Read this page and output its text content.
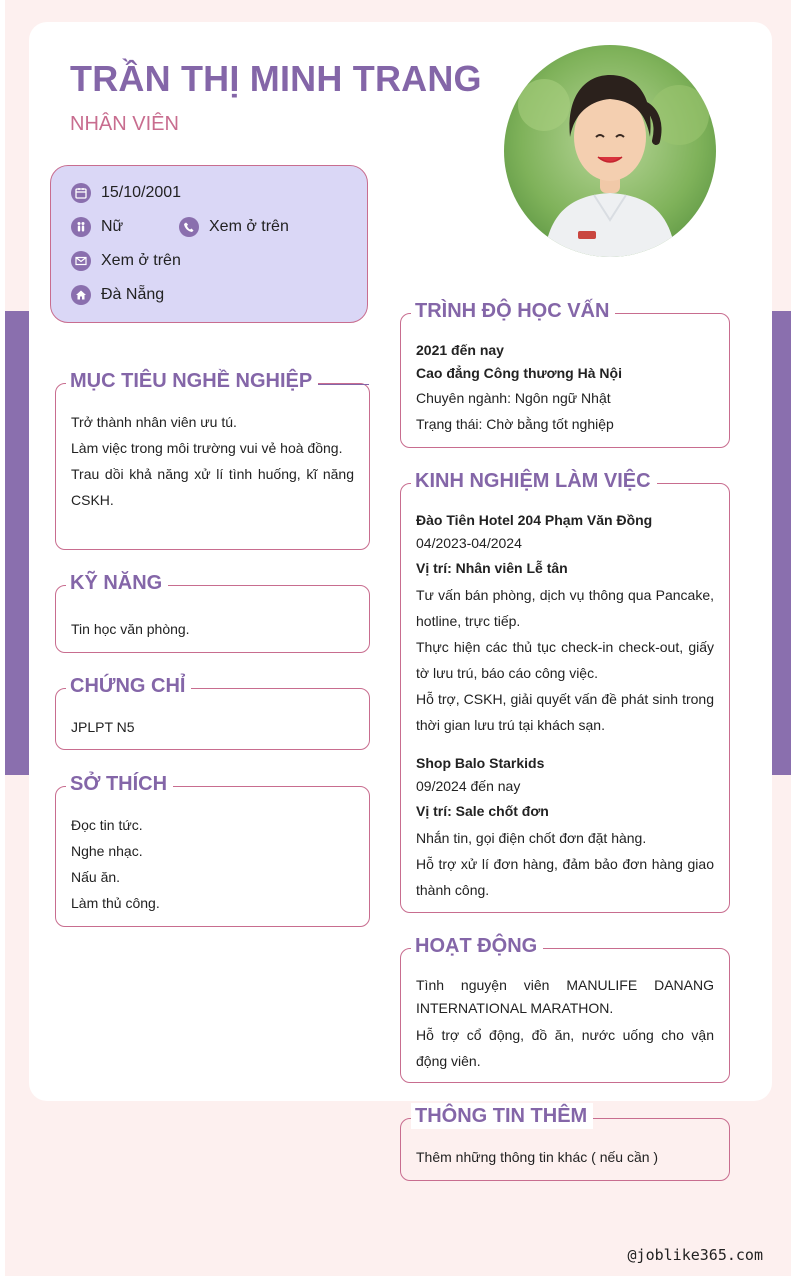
TRẦN THỊ MINH TRANG
NHÂN VIÊN
15/10/2001
Nữ	Xem ở trên
Xem ở trên
Đà Nẵng
MỤC TIÊU NGHỀ NGHIỆP

Trở thành nhân viên ưu tú.

Làm việc trong môi trường vui vẻ hoà đồng.

Trau dồi khả năng xử lí tình huống, kĩ năng CSKH.

KỸ NĂNG

Tin học văn phòng.

CHỨNG CHỈ

JPLPT N5

SỞ THÍCH

Đọc tin tức.

Nghe nhạc.

Nấu ăn.

Làm thủ công.

TRÌNH ĐỘ HỌC VẤN

2021 đến nay

Cao đẳng Công thương Hà Nội

Chuyên ngành: Ngôn ngữ Nhật

Trạng thái: Chờ bằng tốt nghiệp

KINH NGHIỆM LÀM VIỆC

Đào Tiên Hotel 204 Phạm Văn Đồng

04/2023-04/2024

Vị trí: Nhân viên Lễ tân

Tư vấn bán phòng, dịch vụ thông qua Pancake, hotline, trực tiếp.

Thực hiện các thủ tục check-in check-out, giấy tờ lưu trú, báo cáo công việc.

Hỗ trợ, CSKH, giải quyết vấn đề phát sinh trong thời gian lưu trú tại khách sạn.

Shop Balo Starkids

09/2024 đến nay

Vị trí: Sale chốt đơn

Nhắn tin, gọi điện chốt đơn đặt hàng.

Hỗ trợ xử lí đơn hàng, đảm bảo đơn hàng giao thành công.

HOẠT ĐỘNG

Tình nguyện viên MANULIFE DANANG INTERNATIONAL MARATHON.

Hỗ trợ cổ động, đồ ăn, nước uống cho vận động viên.

THÔNG TIN THÊM

Thêm những thông tin khác ( nếu cần )

@joblike365.com
